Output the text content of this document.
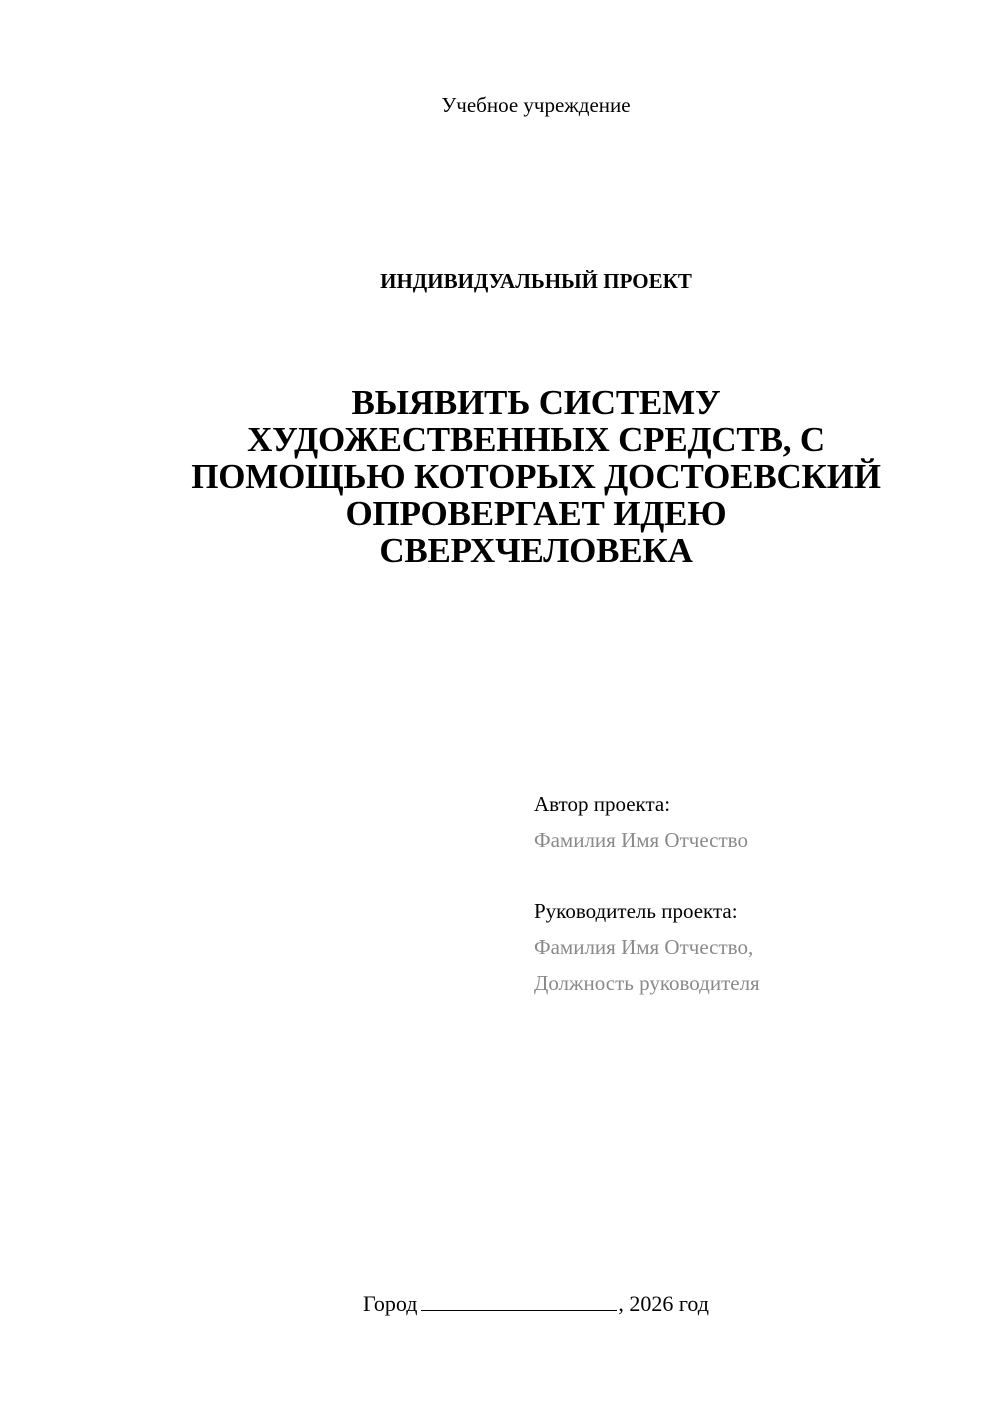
Учебное учреждение
ИНДИВИДУАЛЬНЫЙ ПРОЕКТ
ВЫЯВИТЬ СИСТЕМУ
ХУДОЖЕСТВЕННЫХ СРЕДСТВ, С
ПОМОЩЬЮ КОТОРЫХ ДОСТОЕВСКИЙ
ОПРОВЕРГАЕТ ИДЕЮ
СВЕРХЧЕЛОВЕКА
Автор проекта:
Фамилия Имя Отчество
Руководитель проекта:
Фамилия Имя Отчество,
Должность руководителя
Город	, 2026 год
